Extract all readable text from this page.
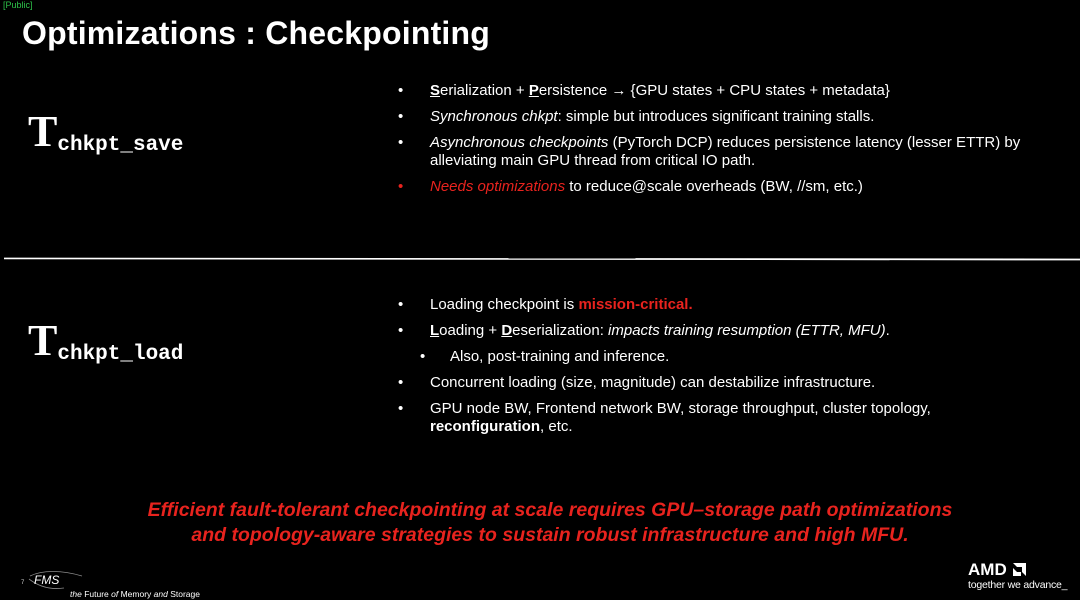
[Public]
Optimizations : Checkpointing
T chkpt_save
•	Serialization + Persistence → {GPU states + CPU states + metadata}
•	Synchronous chkpt: simple but introduces significant training stalls.
•	Asynchronous checkpoints (PyTorch DCP) reduces persistence latency (lesser ETTR) by alleviating main GPU thread from critical IO path.
•	Needs optimizations to reduce@scale overheads (BW, //sm, etc.)
T chkpt_load
•	Loading checkpoint is mission-critical.
•	Loading + Deserialization: impacts training resumption (ETTR, MFU).
•	Also, post-training and inference.
•	Concurrent loading (size, magnitude) can destabilize infrastructure.
•	GPU node BW, Frontend network BW, storage throughput, cluster topology, reconfiguration, etc.

Efficient fault-tolerant checkpointing at scale requires GPU–storage path optimizations
and topology-aware strategies to sustain robust infrastructure and high MFU.

7 FMS
the Future of Memory and Storage
AMD
together we advance_
